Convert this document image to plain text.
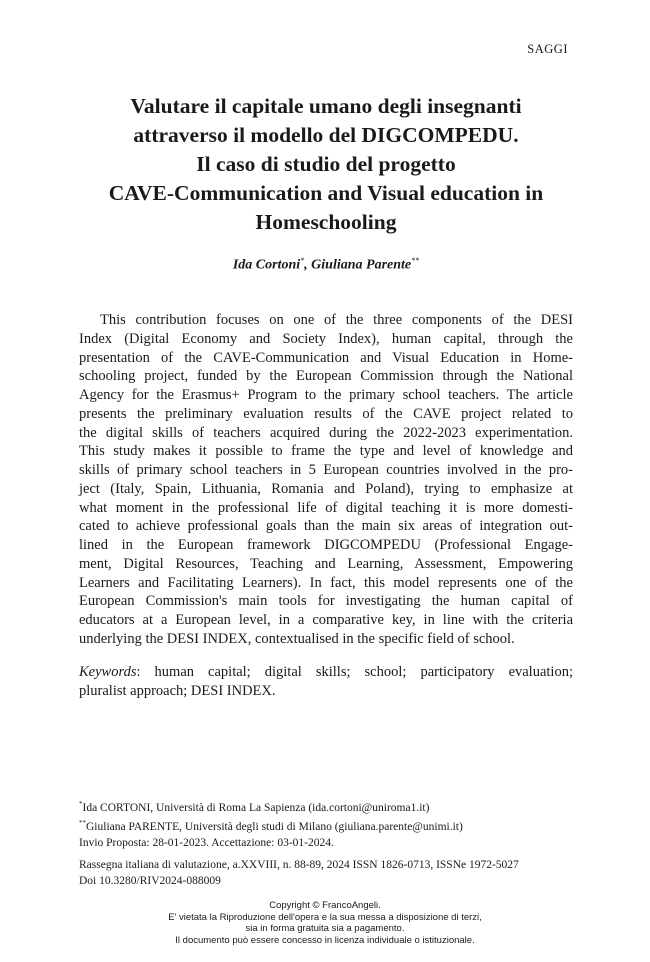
SAGGI
Valutare il capitale umano degli insegnanti
attraverso il modello del DIGCOMPEDU.
Il caso di studio del progetto
CAVE-Communication and Visual education in
Homeschooling
Ida Cortoni*, Giuliana Parente**
This contribution focuses on one of the three components of the DESI
Index (Digital Economy and Society Index), human capital, through the
presentation of the CAVE-Communication and Visual Education in Home-
schooling project, funded by the European Commission through the National
Agency for the Erasmus+ Program to the primary school teachers. The article
presents the preliminary evaluation results of the CAVE project related to
the digital skills of teachers acquired during the 2022-2023 experimentation.
This study makes it possible to frame the type and level of knowledge and
skills of primary school teachers in 5 European countries involved in the pro-
ject (Italy, Spain, Lithuania, Romania and Poland), trying to emphasize at
what moment in the professional life of digital teaching it is more domesti-
cated to achieve professional goals than the main six areas of integration out-
lined in the European framework DIGCOMPEDU (Professional Engage-
ment, Digital Resources, Teaching and Learning, Assessment, Empowering
Learners and Facilitating Learners). In fact, this model represents one of the
European Commission's main tools for investigating the human capital of
educators at a European level, in a comparative key, in line with the criteria
underlying the DESI INDEX, contextualised in the specific field of school.
Keywords: human capital; digital skills; school; participatory evaluation;
pluralist approach; DESI INDEX.
*Ida CORTONI, Università di Roma La Sapienza (ida.cortoni@uniroma1.it)
**Giuliana PARENTE, Università degli studi di Milano (giuliana.parente@unimi.it)
Invio Proposta: 28-01-2023. Accettazione: 03-01-2024.
Rassegna italiana di valutazione, a.XXVIII, n. 88-89, 2024 ISSN 1826-0713, ISSNe 1972-5027
Doi 10.3280/RIV2024-088009
Copyright © FrancoAngeli.
E' vietata la Riproduzione dell'opera e la sua messa a disposizione di terzi,
sia in forma gratuita sia a pagamento.
Il documento può essere concesso in licenza individuale o istituzionale.
